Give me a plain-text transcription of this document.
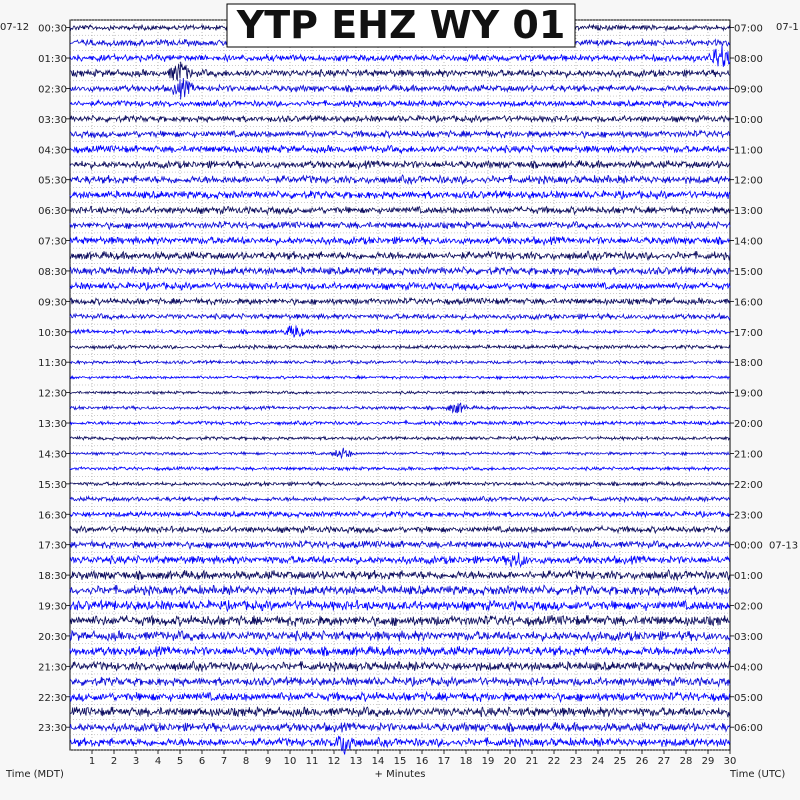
1 2 3 4 5 6 7 8 9 10 11 12 13 14 15 16 17 18 19 20 21 22 23 24 25 26 27 28 29 30
00:30
01:30
02:30
03:30
04:30
05:30
06:30
07:30
08:30
09:30
10:30
11:30
12:30
13:30
14:30
15:30
16:30
17:30
18:30
19:30
20:30
21:30
22:30
23:30
07:00
08:00
09:00
10:00
11:00
12:00
13:00
14:00
15:00
16:00
17:00
18:00
19:00
20:00
21:00
22:00
23:00
00:00 07-13
01:00
02:00
03:00
04:00
05:00
06:00
07-12	07-1
+ Minutes
Time (MDT)	Time (UTC)
YTP EHZ WY 01
